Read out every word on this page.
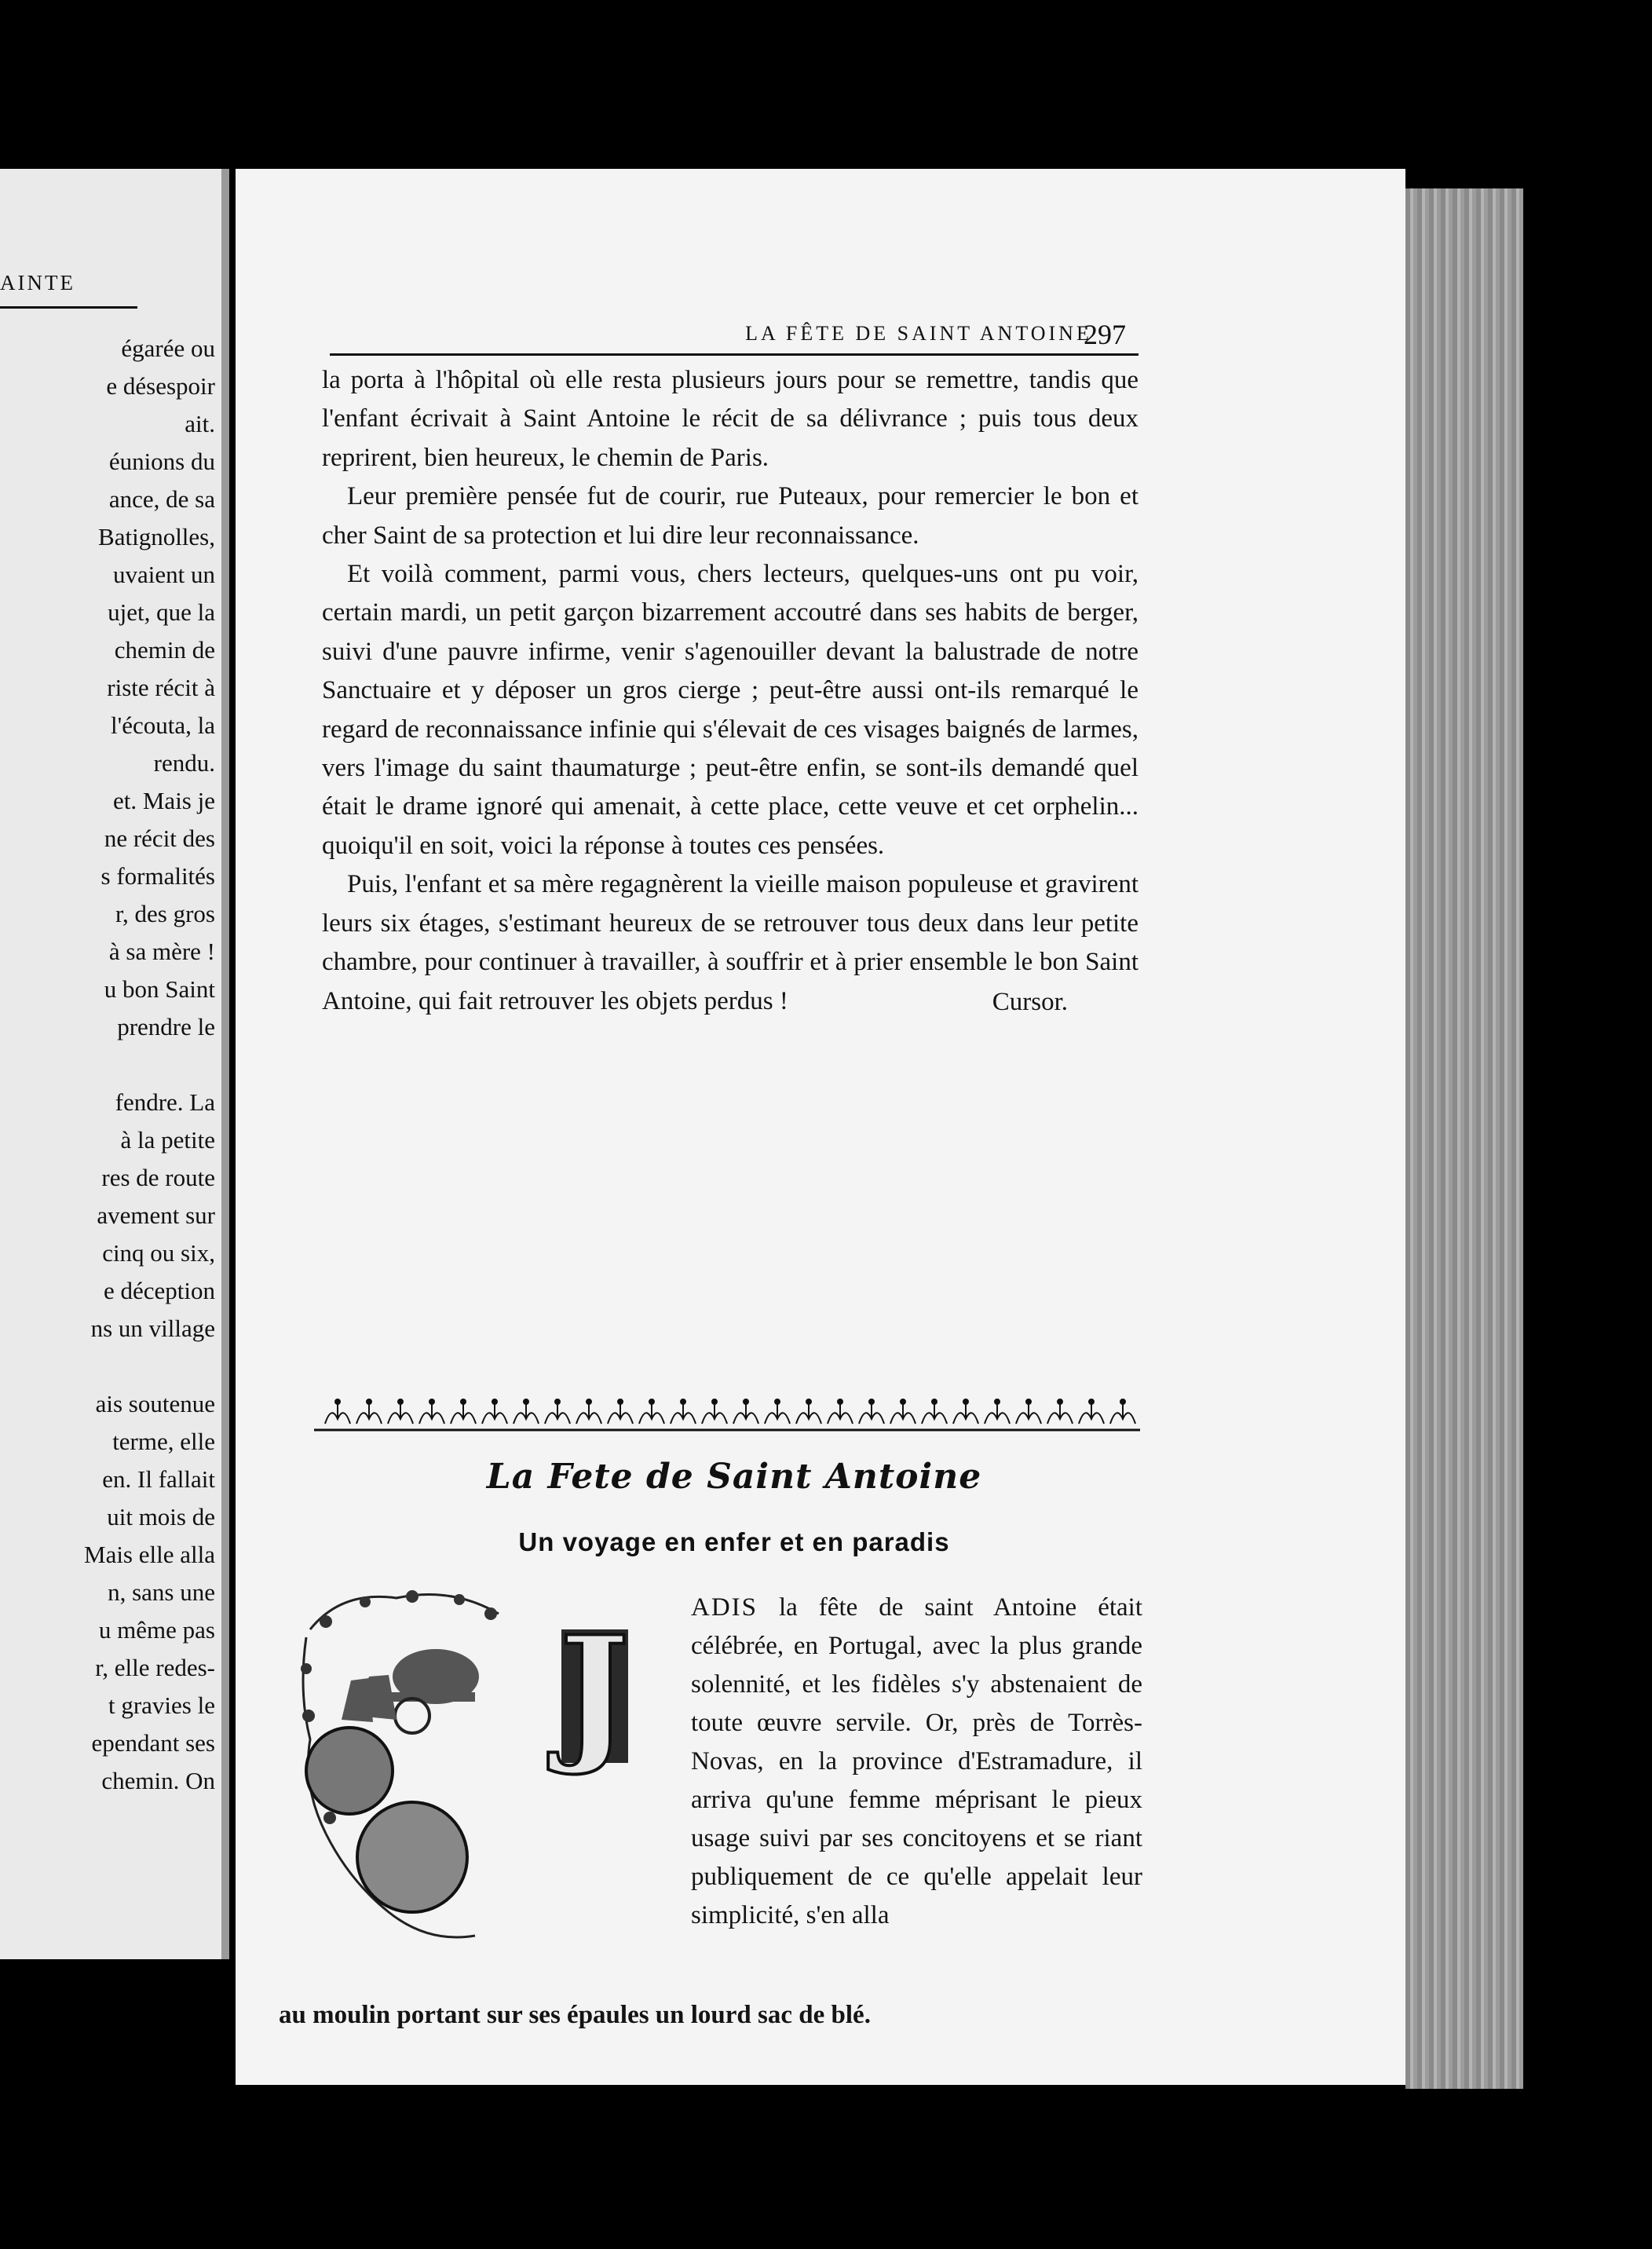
AINTE
égarée ou
e désespoir
ait.
éunions du
ance, de sa
Batignolles,
uvaient un
ujet, que la
chemin de
riste récit à
l'écouta, la
rendu.
et. Mais je
ne récit des
s formalités
r, des gros
à sa mère !
u bon Saint
prendre le
fendre. La
à la petite
res de route
avement sur
cinq ou six,
e déception
ns un village
ais soutenue
terme, elle
en. Il fallait
uit mois de
Mais elle alla
n, sans une
u même pas
r, elle redes-
t gravies le
ependant ses
chemin. On
LA FÊTE DE SAINT ANTOINE
297

la porta à l'hôpital où elle resta plusieurs jours pour se remettre, tandis que l'enfant écrivait à Saint Antoine le récit de sa délivrance ; puis tous deux reprirent, bien heureux, le chemin de Paris.

Leur première pensée fut de courir, rue Puteaux, pour remercier le bon et cher Saint de sa protection et lui dire leur reconnaissance.

Et voilà comment, parmi vous, chers lecteurs, quelques-uns ont pu voir, certain mardi, un petit garçon bizarrement accoutré dans ses habits de berger, suivi d'une pauvre infirme, venir s'agenouiller devant la balustrade de notre Sanctuaire et y déposer un gros cierge ; peut-être aussi ont-ils remarqué le regard de reconnaissance infinie qui s'élevait de ces visages baignés de larmes, vers l'image du saint thaumaturge ; peut-être enfin, se sont-ils demandé quel était le drame ignoré qui amenait, à cette place, cette veuve et cet orphelin... quoiqu'il en soit, voici la réponse à toutes ces pensées.

Puis, l'enfant et sa mère regagnèrent la vieille maison populeuse et gravirent leurs six étages, s'estimant heureux de se retrouver tous deux dans leur petite chambre, pour continuer à travailler, à souffrir et à prier ensemble le bon Saint Antoine, qui fait retrouver les objets perdus !	Cursor.
La Fete de Saint Antoine
Un voyage en enfer et en paradis
J ADIS la fête de saint Antoine était célébrée, en Portugal, avec la plus grande solennité, et les fidèles s'y abstenaient de toute œuvre servile. Or, près de Torrès-Novas, en la province d'Estramadure, il arriva qu'une femme méprisant le pieux usage suivi par ses concitoyens et se riant publiquement de ce qu'elle appelait leur simplicité, s'en alla

au moulin portant sur ses épaules un lourd sac de blé.
